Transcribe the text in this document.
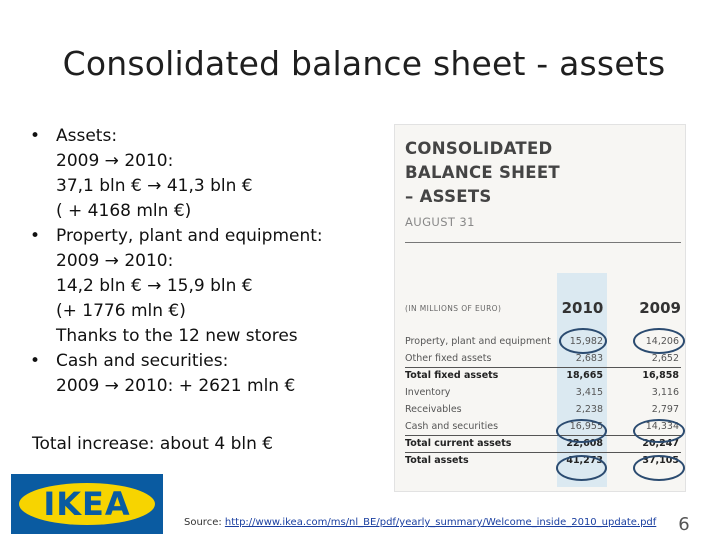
Consolidated balance sheet - assets
• Assets:
2009 → 2010:
37,1 bln € → 41,3 bln €
( + 4168 mln €)
• Property, plant and equipment:
2009 → 2010:
14,2 bln € → 15,9 bln €
(+ 1776 mln €)
Thanks to the 12 new stores
• Cash and securities:
2009 → 2010: + 2621 mln €
Total increase: about 4 bln €
CONSOLIDATED
BALANCE SHEET
– ASSETS
AUGUST 31
(IN MILLIONS OF EURO)	2010	2009
Property, plant and equipment	15,982	14,206
Other fixed assets	2,683	2,652
Total fixed assets	18,665	16,858
Inventory	3,415	3,116
Receivables	2,238	2,797
Cash and securities	16,955	14,334
Total current assets	22,608	20,247
Total assets	41,273	37,105
IKEA	Source: http://www.ikea.com/ms/nl_BE/pdf/yearly_summary/Welcome_inside_2010_update.pdf	6
